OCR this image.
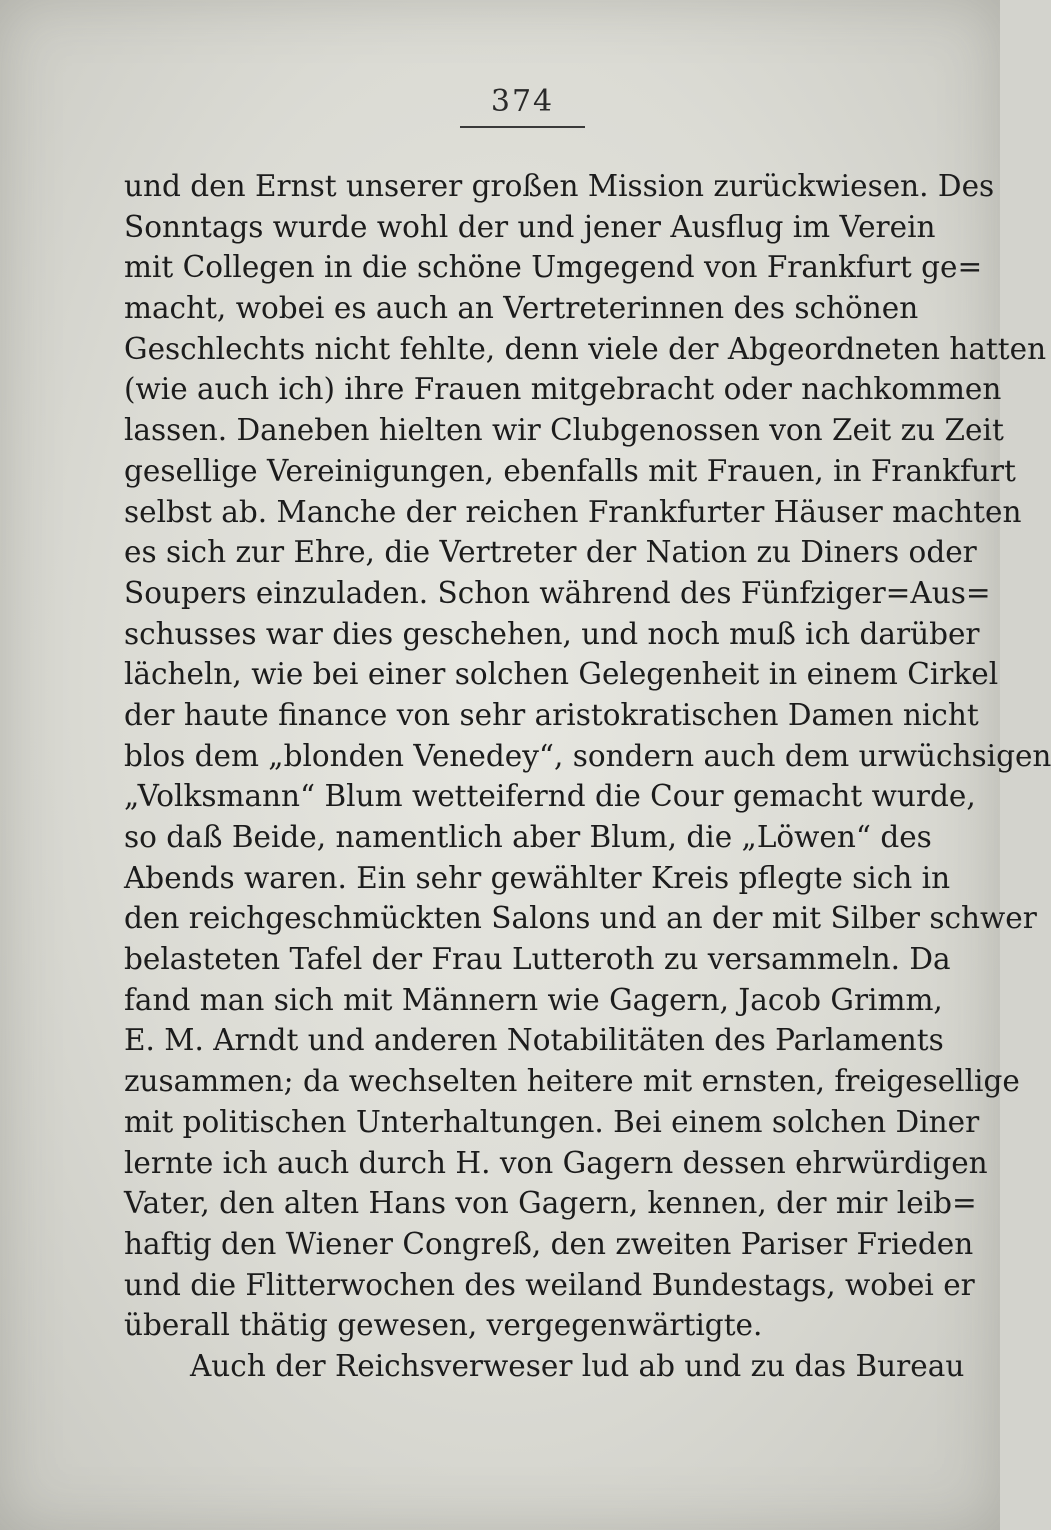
374
und den Ernst unserer großen Mission zurückwiesen. Des
Sonntags wurde wohl der und jener Ausflug im Verein
mit Collegen in die schöne Umgegend von Frankfurt ge=
macht, wobei es auch an Vertreterinnen des schönen
Geschlechts nicht fehlte, denn viele der Abgeordneten hatten
(wie auch ich) ihre Frauen mitgebracht oder nachkommen
lassen. Daneben hielten wir Clubgenossen von Zeit zu Zeit
gesellige Vereinigungen, ebenfalls mit Frauen, in Frankfurt
selbst ab. Manche der reichen Frankfurter Häuser machten
es sich zur Ehre, die Vertreter der Nation zu Diners oder
Soupers einzuladen. Schon während des Fünfziger=Aus=
schusses war dies geschehen, und noch muß ich darüber
lächeln, wie bei einer solchen Gelegenheit in einem Cirkel
der haute finance von sehr aristokratischen Damen nicht
blos dem „blonden Venedey“, sondern auch dem urwüchsigen
„Volksmann“ Blum wetteifernd die Cour gemacht wurde,
so daß Beide, namentlich aber Blum, die „Löwen“ des
Abends waren. Ein sehr gewählter Kreis pflegte sich in
den reichgeschmückten Salons und an der mit Silber schwer
belasteten Tafel der Frau Lutteroth zu versammeln. Da
fand man sich mit Männern wie Gagern, Jacob Grimm,
E. M. Arndt und anderen Notabilitäten des Parlaments
zusammen; da wechselten heitere mit ernsten, freigesellige
mit politischen Unterhaltungen. Bei einem solchen Diner
lernte ich auch durch H. von Gagern dessen ehrwürdigen
Vater, den alten Hans von Gagern, kennen, der mir leib=
haftig den Wiener Congreß, den zweiten Pariser Frieden
und die Flitterwochen des weiland Bundestags, wobei er
überall thätig gewesen, vergegenwärtigte.
Auch der Reichsverweser lud ab und zu das Bureau
